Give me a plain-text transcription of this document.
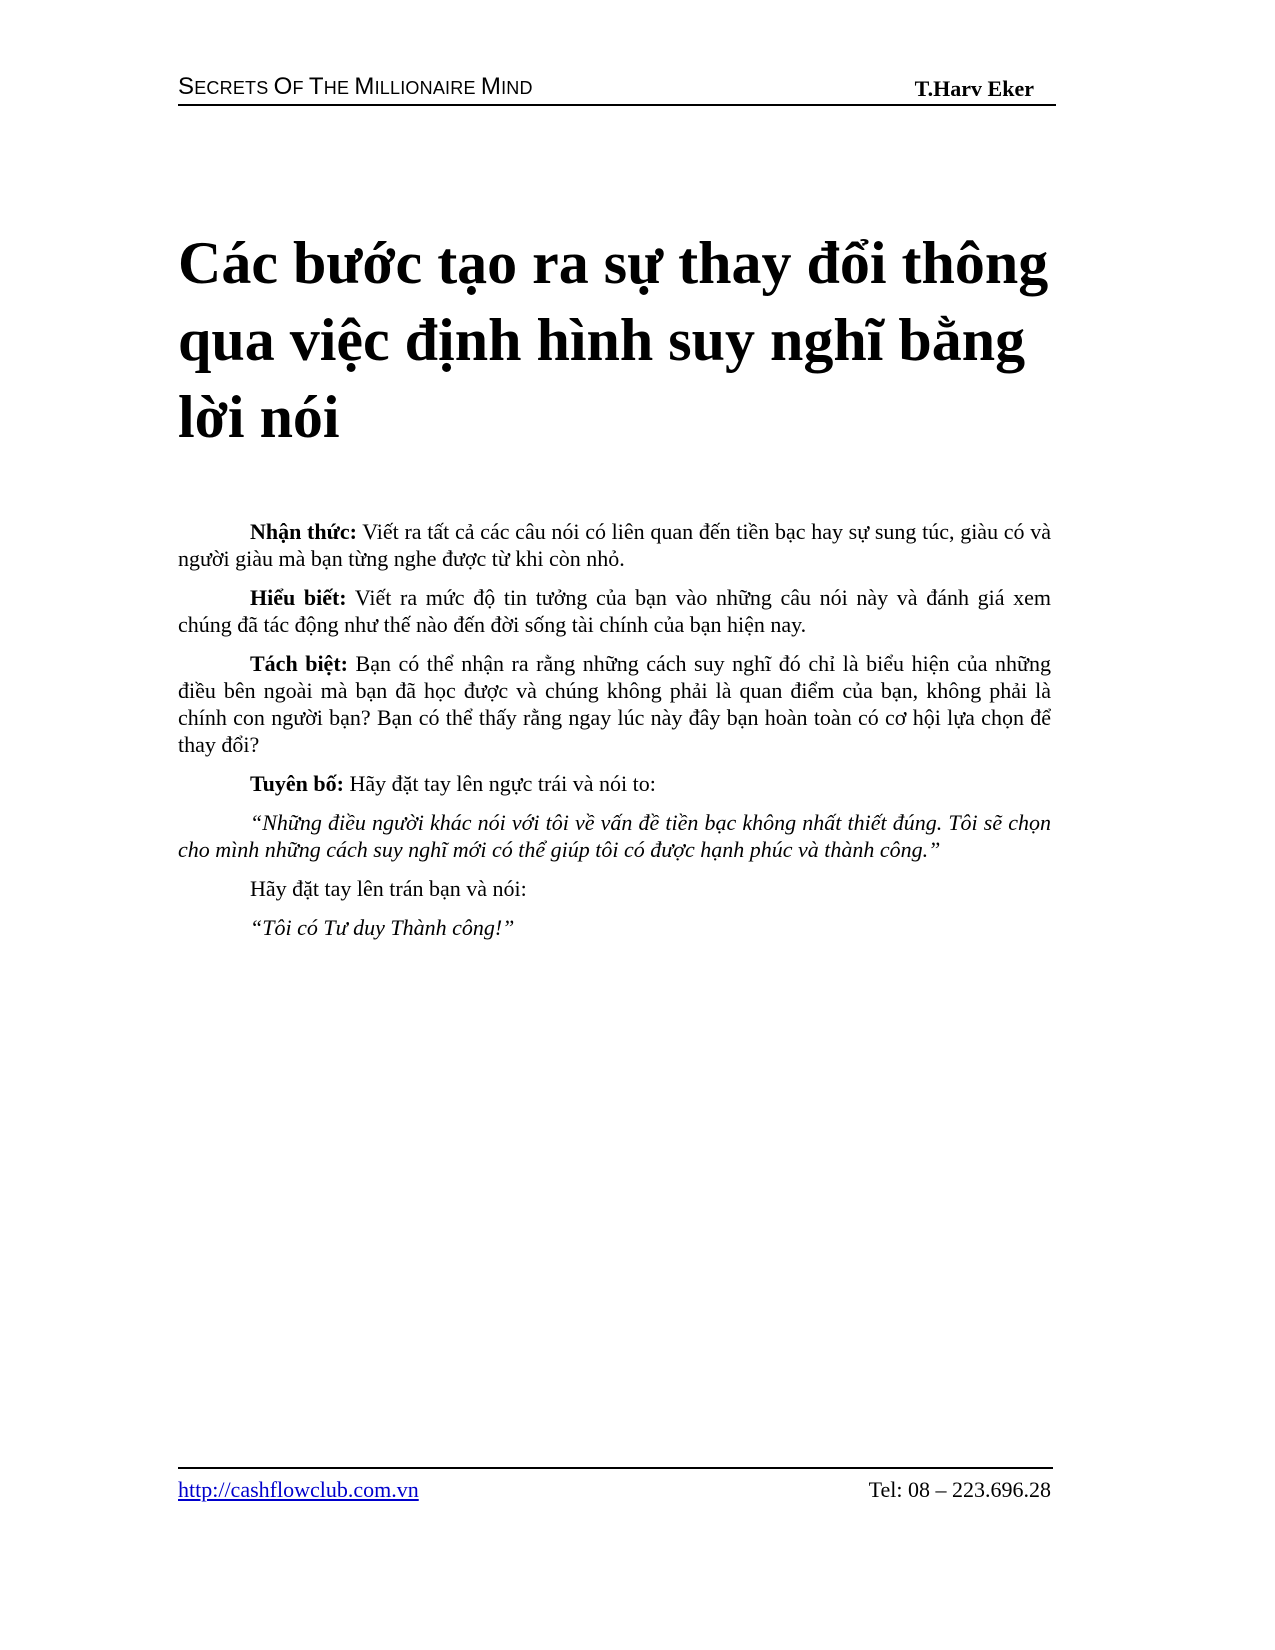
SECRETS OF THE MILLIONAIRE MIND	T.Harv Eker
Các bước tạo ra sự thay đổi thông qua việc định hình suy nghĩ bằng lời nói

Nhận thức: Viết ra tất cả các câu nói có liên quan đến tiền bạc hay sự sung túc, giàu có và người giàu mà bạn từng nghe được từ khi còn nhỏ.

Hiểu biết: Viết ra mức độ tin tưởng của bạn vào những câu nói này và đánh giá xem chúng đã tác động như thế nào đến đời sống tài chính của bạn hiện nay.

Tách biệt: Bạn có thể nhận ra rằng những cách suy nghĩ đó chỉ là biểu hiện của những điều bên ngoài mà bạn đã học được và chúng không phải là quan điểm của bạn, không phải là chính con người bạn? Bạn có thể thấy rằng ngay lúc này đây bạn hoàn toàn có cơ hội lựa chọn để thay đổi?

Tuyên bố: Hãy đặt tay lên ngực trái và nói to:

“Những điều người khác nói với tôi về vấn đề tiền bạc không nhất thiết đúng. Tôi sẽ chọn cho mình những cách suy nghĩ mới có thể giúp tôi có được hạnh phúc và thành công.”

Hãy đặt tay lên trán bạn và nói:

“Tôi có Tư duy Thành công!”

http://cashflowclub.com.vn	Tel: 08 – 223.696.28
